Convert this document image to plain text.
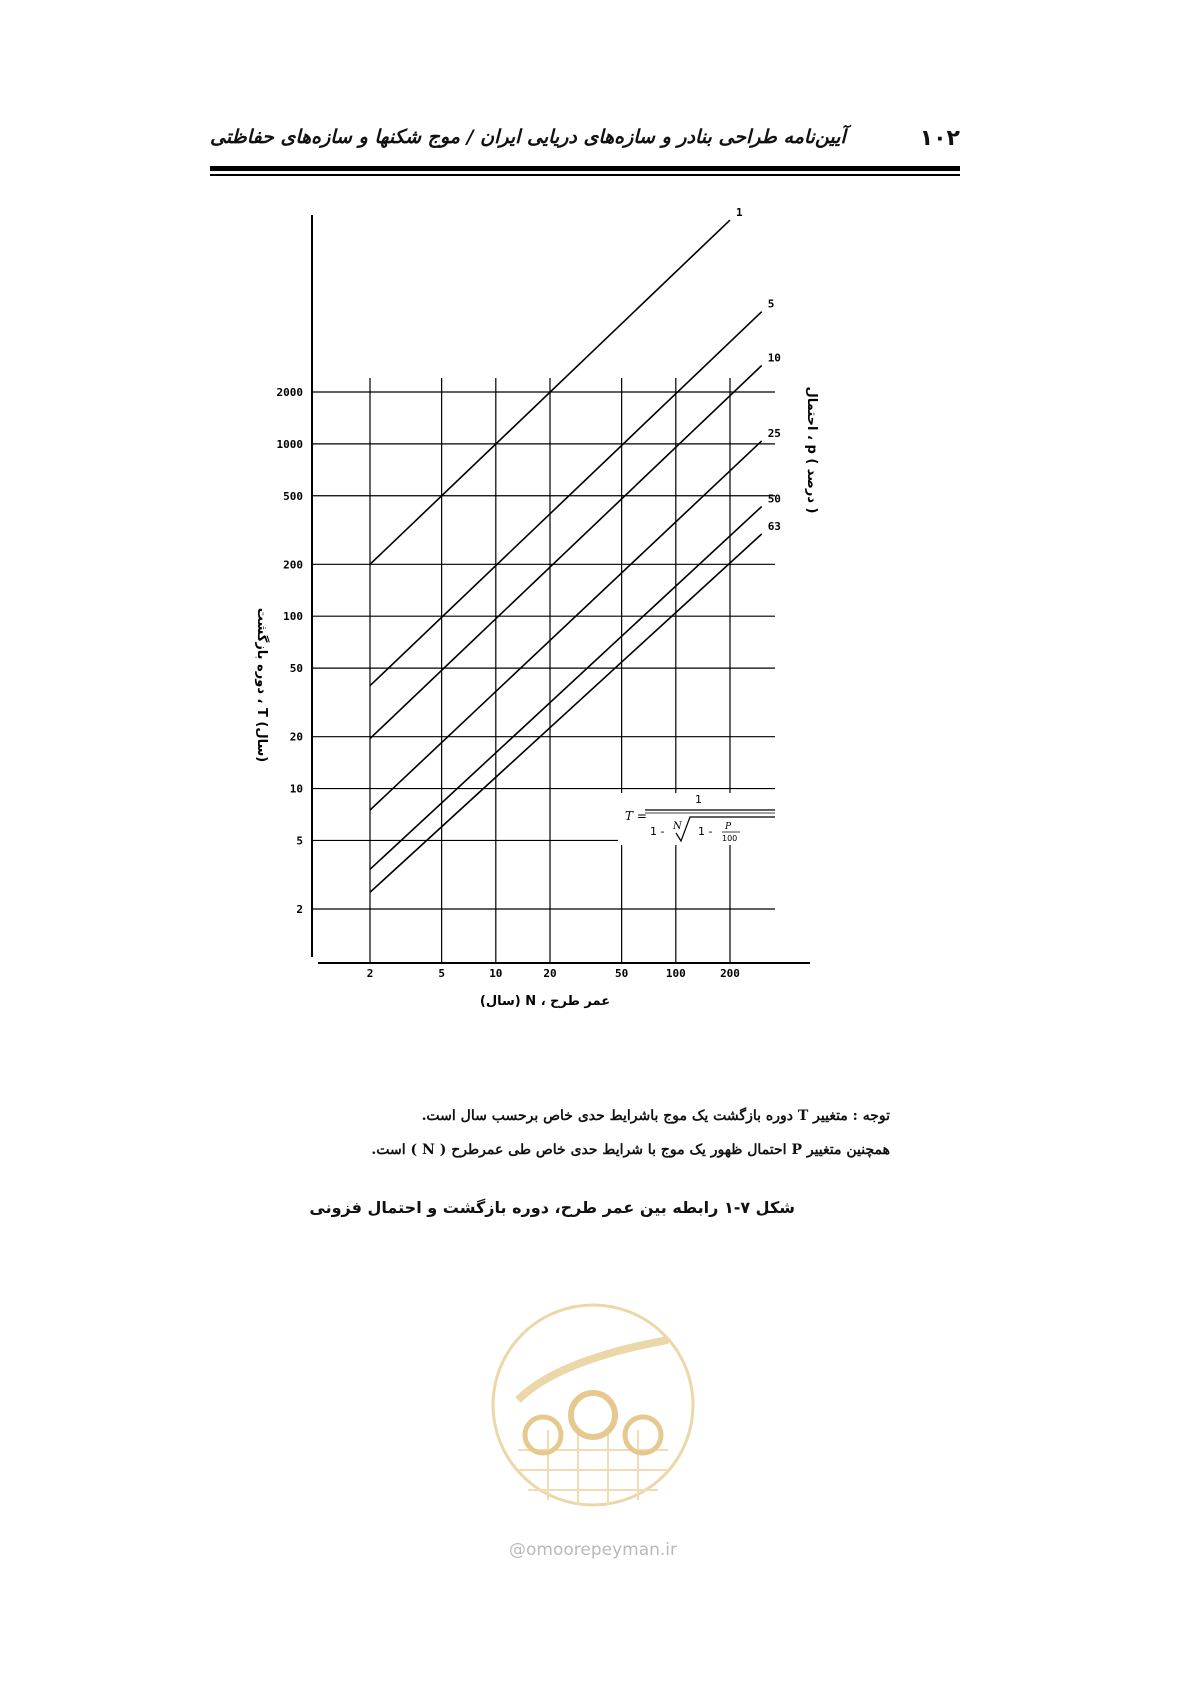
آیین‌نامه طراحی بنادر و سازه‌های دریایی ایران / موج شکنها و سازه‌های حفاظتی	۱۰۲
2
5
10
20
50
100
200
500
1000
2000
2	5	10	20	50	100	200
1
5
10
25
50
63
دوره بازگشت ، T (سال)
احتمال ، p ( درصد )
عمر طرح ، N (سال)
T =
1
1 - N 1 - P
100
توجه : متغییر T دوره بازگشت یک موج باشرایط حدی خاص برحسب سال است.
همچنین متغییر P احتمال ظهور یک موج با شرایط حدی خاص طی عمرطرح ( N ) است.
شکل ۷-۱ رابطه بین عمر طرح، دوره بازگشت و احتمال فزونی
@omoorepeyman.ir
